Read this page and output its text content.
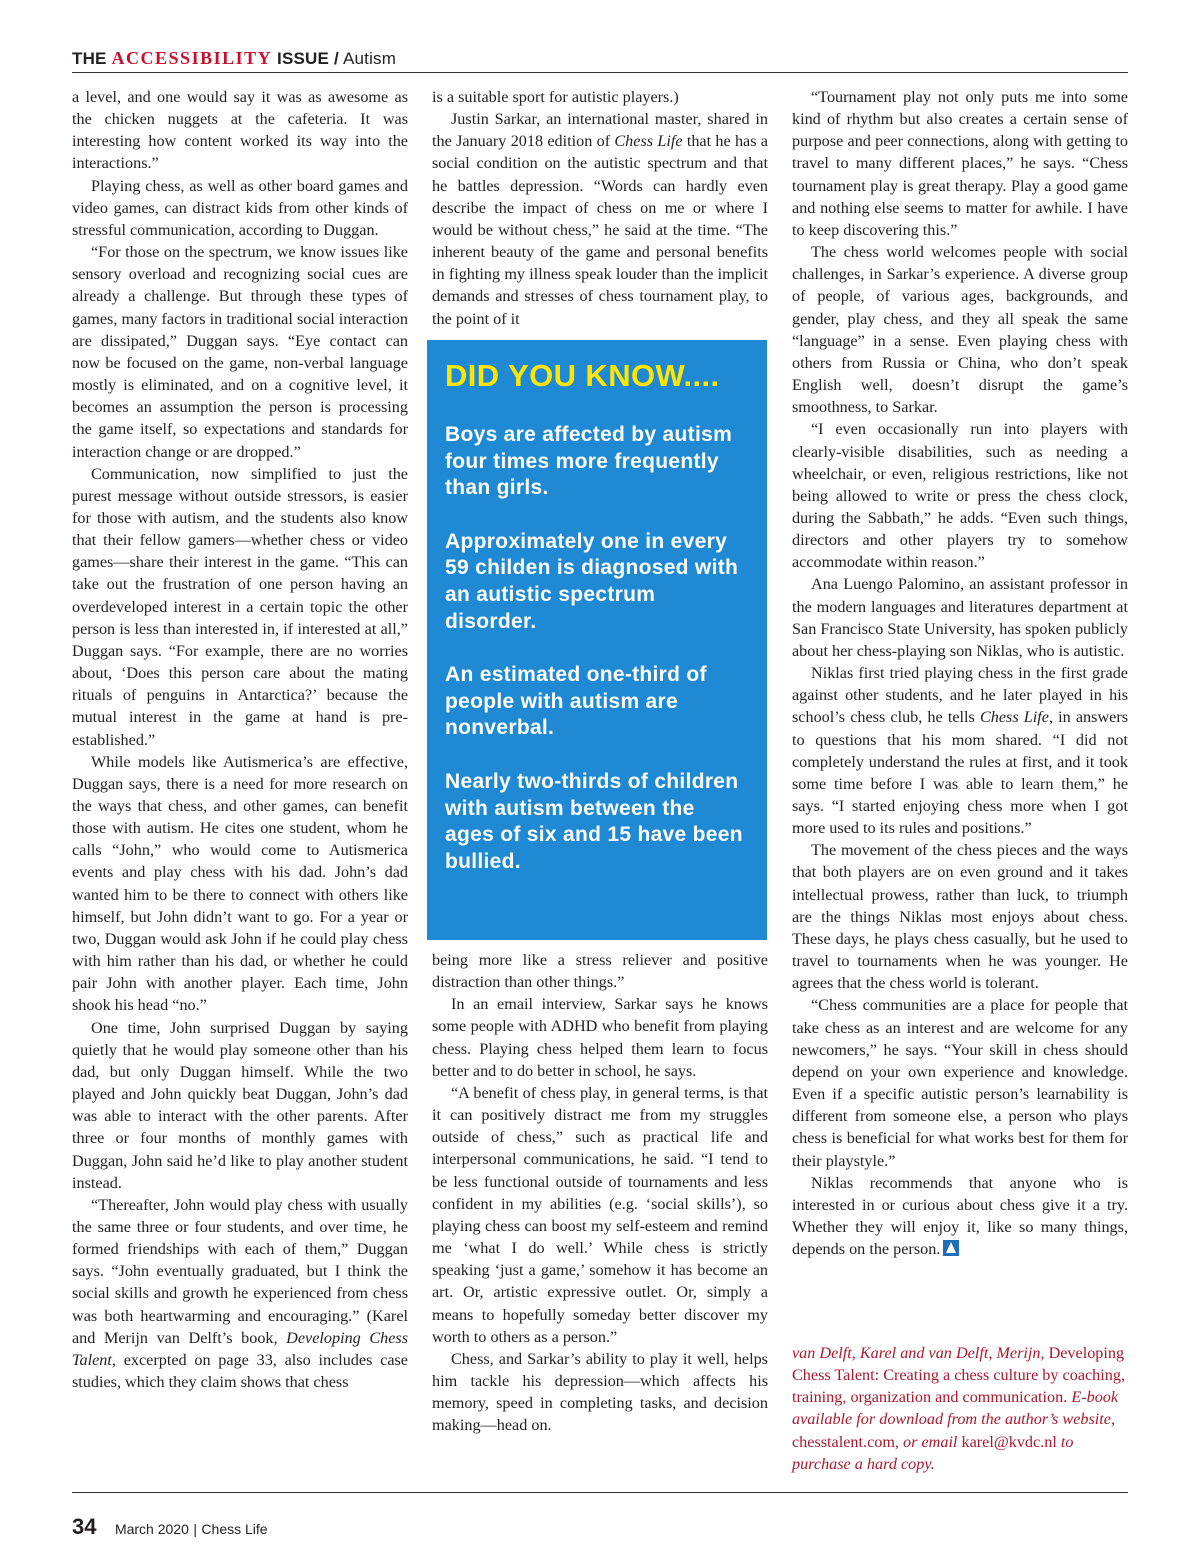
THE ACCESSIBILITY ISSUE / Autism

a level, and one would say it was as awesome as the chicken nuggets at the cafeteria. It was interesting how content worked its way into the interactions.”

Playing chess, as well as other board games and video games, can distract kids from other kinds of stressful communication, according to Duggan.

“For those on the spectrum, we know issues like sensory overload and recognizing social cues are already a challenge. But through these types of games, many factors in traditional social interaction are dissipated,” Duggan says. “Eye contact can now be focused on the game, non-verbal language mostly is eliminated, and on a cognitive level, it becomes an assumption the person is processing the game itself, so expectations and standards for interaction change or are dropped.”

Communication, now simplified to just the purest message without outside stressors, is easier for those with autism, and the students also know that their fellow gamers—whether chess or video games—share their interest in the game. “This can take out the frustration of one person having an overdeveloped interest in a certain topic the other person is less than interested in, if interested at all,” Duggan says. “For example, there are no worries about, ‘Does this person care about the mating rituals of penguins in Antarctica?’ because the mutual interest in the game at hand is pre-established.”

While models like Autismerica’s are effective, Duggan says, there is a need for more research on the ways that chess, and other games, can benefit those with autism. He cites one student, whom he calls “John,” who would come to Autismerica events and play chess with his dad. John’s dad wanted him to be there to connect with others like himself, but John didn’t want to go. For a year or two, Duggan would ask John if he could play chess with him rather than his dad, or whether he could pair John with another player. Each time, John shook his head “no.”

One time, John surprised Duggan by saying quietly that he would play someone other than his dad, but only Duggan himself. While the two played and John quickly beat Duggan, John’s dad was able to interact with the other parents. After three or four months of monthly games with Duggan, John said he’d like to play another student instead.

“Thereafter, John would play chess with usually the same three or four students, and over time, he formed friendships with each of them,” Duggan says. “John eventually graduated, but I think the social skills and growth he experienced from chess was both heartwarming and encouraging.” (Karel and Merijn van Delft’s book, Developing Chess Talent, excerpted on page 33, also includes case studies, which they claim shows that chess

is a suitable sport for autistic players.)

Justin Sarkar, an international master, shared in the January 2018 edition of Chess Life that he has a social condition on the autistic spectrum and that he battles depression. “Words can hardly even describe the impact of chess on me or where I would be without chess,” he said at the time. “The inherent beauty of the game and personal benefits in fighting my illness speak louder than the implicit demands and stresses of chess tournament play, to the point of it

DID YOU KNOW....
Boys are affected by autism four times more frequently than girls.
Approximately one in every 59 childen is diagnosed with an autistic spectrum disorder.
An estimated one-third of people with autism are nonverbal.
Nearly two-thirds of children with autism between the ages of six and 15 have been bullied.

being more like a stress reliever and positive distraction than other things.”

In an email interview, Sarkar says he knows some people with ADHD who benefit from playing chess. Playing chess helped them learn to focus better and to do better in school, he says.

“A benefit of chess play, in general terms, is that it can positively distract me from my struggles outside of chess,” such as practical life and interpersonal communications, he said. “I tend to be less functional outside of tournaments and less confident in my abilities (e.g. ‘social skills’), so playing chess can boost my self-esteem and remind me ‘what I do well.’ While chess is strictly speaking ‘just a game,’ somehow it has become an art. Or, artistic expressive outlet. Or, simply a means to hopefully someday better discover my worth to others as a person.”

Chess, and Sarkar’s ability to play it well, helps him tackle his depression—which affects his memory, speed in completing tasks, and decision making—head on.

“Tournament play not only puts me into some kind of rhythm but also creates a certain sense of purpose and peer connections, along with getting to travel to many different places,” he says. “Chess tournament play is great therapy. Play a good game and nothing else seems to matter for awhile. I have to keep discovering this.”

The chess world welcomes people with social challenges, in Sarkar’s experience. A diverse group of people, of various ages, backgrounds, and gender, play chess, and they all speak the same “language” in a sense. Even playing chess with others from Russia or China, who don’t speak English well, doesn’t disrupt the game’s smoothness, to Sarkar.

“I even occasionally run into players with clearly-visible disabilities, such as needing a wheelchair, or even, religious restrictions, like not being allowed to write or press the chess clock, during the Sabbath,” he adds. “Even such things, directors and other players try to somehow accommodate within reason.”

Ana Luengo Palomino, an assistant professor in the modern languages and literatures department at San Francisco State University, has spoken publicly about her chess-playing son Niklas, who is autistic.

Niklas first tried playing chess in the first grade against other students, and he later played in his school’s chess club, he tells Chess Life, in answers to questions that his mom shared. “I did not completely understand the rules at first, and it took some time before I was able to learn them,” he says. “I started enjoying chess more when I got more used to its rules and positions.”

The movement of the chess pieces and the ways that both players are on even ground and it takes intellectual prowess, rather than luck, to triumph are the things Niklas most enjoys about chess. These days, he plays chess casually, but he used to travel to tournaments when he was younger. He agrees that the chess world is tolerant.

“Chess communities are a place for people that take chess as an interest and are welcome for any newcomers,” he says. “Your skill in chess should depend on your own experience and knowledge. Even if a specific autistic person’s learnability is different from someone else, a person who plays chess is beneficial for what works best for them for their playstyle.”

Niklas recommends that anyone who is interested in or curious about chess give it a try. Whether they will enjoy it, like so many things, depends on the person.

van Delft, Karel and van Delft, Merijn, Developing Chess Talent: Creating a chess culture by coaching, training, organization and communication. E-book available for download from the author’s website, chesstalent.com, or email karel@kvdc.nl to purchase a hard copy.
34 March 2020 | Chess Life
